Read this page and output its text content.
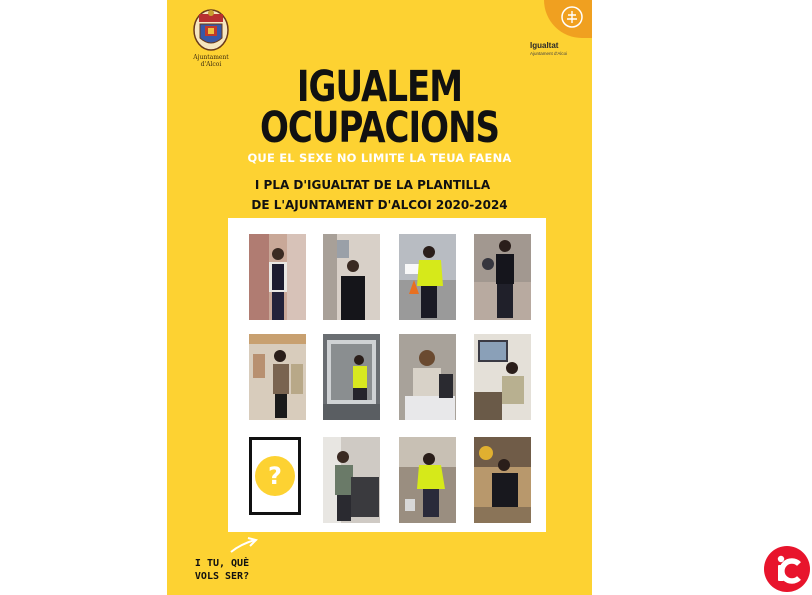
Ajuntament
d'Alcoi
Igualtat
Ajuntament d'Alcoi
IGUALEM
OCUPACIONS
QUE EL SEXE NO LIMITE LA TEUA FAENA
I PLA D'IGUALTAT DE LA PLANTILLA
DE L'AJUNTAMENT D'ALCOI 2020-2024
?
I TU, QUÈ
VOLS SER?
